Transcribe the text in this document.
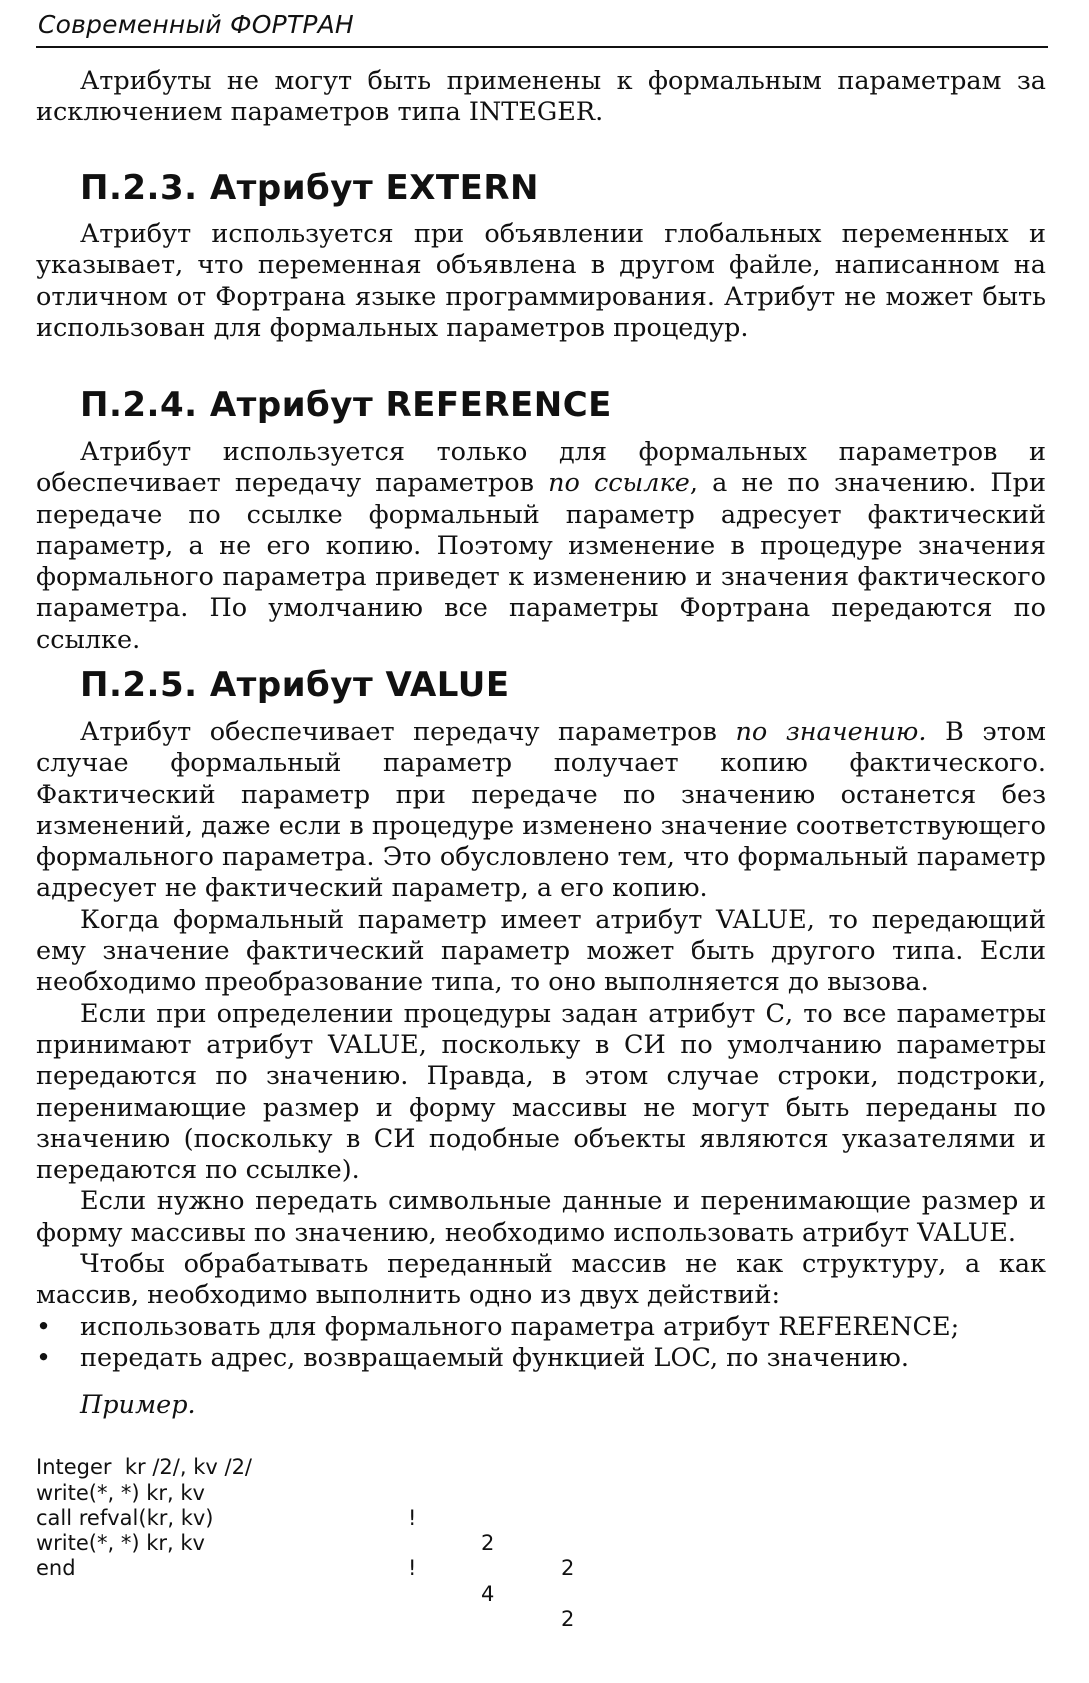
Современный ФОРТРАН

Атрибуты не могут быть применены к формальным параметрам за исключением параметров типа INTEGER.

П.2.3. Атрибут EXTERN

Атрибут используется при объявлении глобальных переменных и указывает, что переменная объявлена в другом файле, написанном на отличном от Фортрана языке программирования. Атрибут не может быть использован для формальных параметров процедур.

П.2.4. Атрибут REFERENCE

Атрибут используется только для формальных параметров и обеспечивает передачу параметров по ссылке, а не по значению. При передаче по ссылке формальный параметр адресует фактический параметр, а не его копию. Поэтому изменение в процедуре значения формального параметра приведет к изменению и значения фактического параметра. По умолчанию все параметры Фортрана передаются по ссылке.

П.2.5. Атрибут VALUE

Атрибут обеспечивает передачу параметров по значению. В этом случае формальный параметр получает копию фактического. Фактический параметр при передаче по значению останется без изменений, даже если в процедуре изменено значение соответствующего формального параметра. Это обусловлено тем, что формальный параметр адресует не фактический параметр, а его копию.

Когда формальный параметр имеет атрибут VALUE, то передающий ему значение фактический параметр может быть другого типа. Если необходимо преобразование типа, то оно выполняется до вызова.

Если при определении процедуры задан атрибут С, то все параметры принимают атрибут VALUE, поскольку в СИ по умолчанию параметры передаются по значению. Правда, в этом случае строки, подстроки, перенимающие размер и форму массивы не могут быть переданы по значению (поскольку в СИ подобные объекты являются указателями и передаются по ссылке).

Если нужно передать символьные данные и перенимающие размер и форму массивы по значению, необходимо использовать атрибут VALUE.

Чтобы обрабатывать переданный массив не как структуру, а как массив, необходимо выполнить одно из двух действий:

• использовать для формального параметра атрибут REFERENCE;
• передать адрес, возвращаемый функцией LOC, по значению.
Пример.

Integer  kr /2/, kv /2/

write(*, *) kr, kv

!

2

2

call refval(kr, kv)

write(*, *) kr, kv

!

4

2

end
